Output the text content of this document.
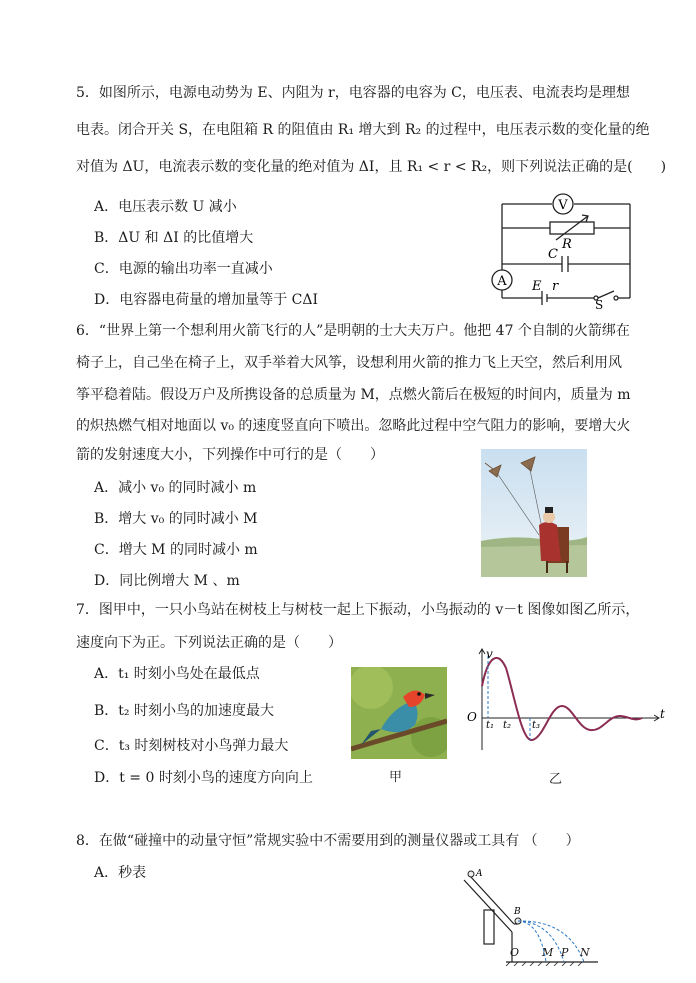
5．如图所示，电源电动势为 E、内阻为 r，电容器的电容为 C，电压表、电流表均是理想
电表。闭合开关 S，在电阻箱 R 的阻值由 R₁ 增大到 R₂ 的过程中，电压表示数的变化量的绝
对值为 ΔU，电流表示数的变化量的绝对值为 ΔI，且 R₁ < r < R₂，则下列说法正确的是(　　)
A．电压表示数 U 减小
B．ΔU 和 ΔI 的比值增大
C．电源的输出功率一直减小
D．电容器电荷量的增加量等于 CΔI
V
A
R
C
E r
S
6．“世界上第一个想利用火箭飞行的人”是明朝的士大夫万户。他把 47 个自制的火箭绑在
椅子上，自己坐在椅子上，双手举着大风筝，设想利用火箭的推力飞上天空，然后利用风
筝平稳着陆。假设万户及所携设备的总质量为 M，点燃火箭后在极短的时间内，质量为 m
的炽热燃气相对地面以 v₀ 的速度竖直向下喷出。忽略此过程中空气阻力的影响，要增大火
箭的发射速度大小，下列操作中可行的是（　　）
A．减小 v₀ 的同时减小 m
B．增大 v₀ 的同时减小 M
C．增大 M 的同时减小 m
D．同比例增大 M 、m
7．图甲中，一只小鸟站在树枝上与树枝一起上下振动，小鸟振动的 v－t 图像如图乙所示，
速度向下为正。下列说法正确的是（　　）
A．t₁ 时刻小鸟处在最低点
B．t₂ 时刻小鸟的加速度最大
C．t₃ 时刻树枝对小鸟弹力最大
D．t = 0 时刻小鸟的速度方向向上	甲
v
t
O
t₁ t₂ t₃
乙
8．在做“碰撞中的动量守恒”常规实验中不需要用到的测量仪器或工具有 （　　）
A．秒表	A
B
O M P N
